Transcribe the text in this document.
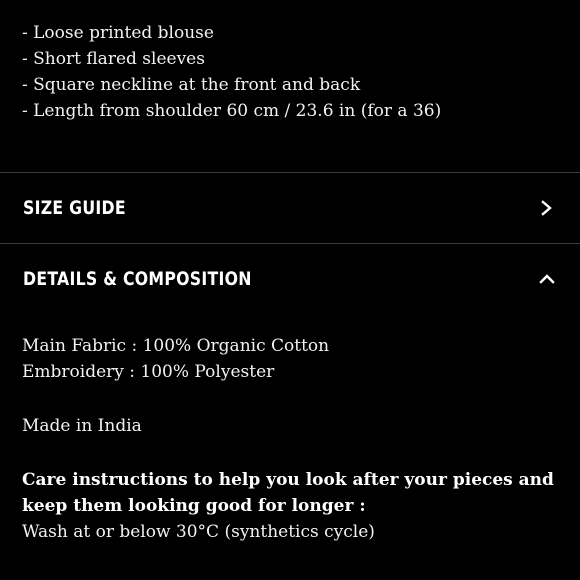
- Loose printed blouse
- Short flared sleeves
- Square neckline at the front and back
- Length from shoulder 60 cm / 23.6 in (for a 36)
SIZE GUIDE
DETAILS & COMPOSITION

Main Fabric : 100% Organic Cotton

Embroidery : 100% Polyester

Made in India

Care instructions to help you look after your pieces and keep them looking good for longer :

Wash at or below 30°C (synthetics cycle)
